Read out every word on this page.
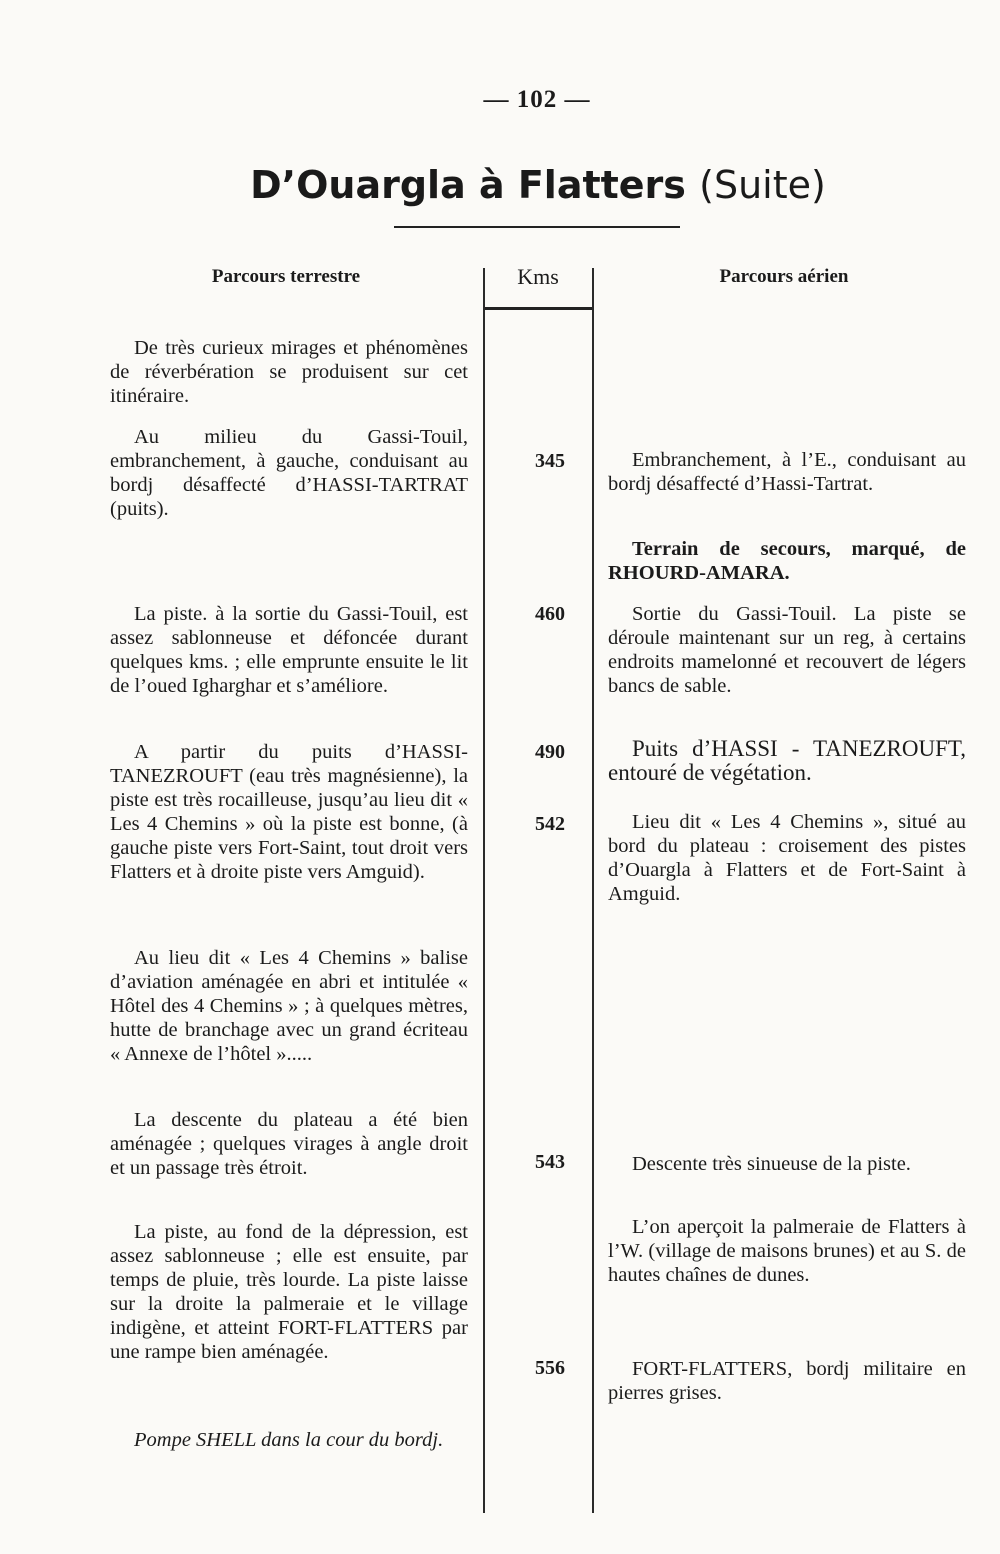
— 102 —
D’Ouargla à Flatters (Suite)
Parcours terrestre	Kms	Parcours aérien

De très curieux mirages et phénomènes de réverbération se produisent sur cet itinéraire.

Au milieu du Gassi-Touil, embranchement, à gauche, conduisant au bordj désaffecté d’HASSI-TARTRAT (puits).

La piste. à la sortie du Gassi-Touil, est assez sablonneuse et défoncée durant quelques kms. ; elle emprunte ensuite le lit de l’oued Igharghar et s’améliore.

A partir du puits d’HASSI-TANEZROUFT (eau très magnésienne), la piste est très rocailleuse, jusqu’au lieu dit « Les 4 Chemins » où la piste est bonne, (à gauche piste vers Fort-Saint, tout droit vers Flatters et à droite piste vers Amguid).

Au lieu dit « Les 4 Chemins » balise d’aviation aménagée en abri et intitulée « Hôtel des 4 Chemins » ; à quelques mètres, hutte de branchage avec un grand écriteau « Annexe de l’hôtel ».....

La descente du plateau a été bien aménagée ; quelques virages à angle droit et un passage très étroit.

La piste, au fond de la dépression, est assez sablonneuse ; elle est ensuite, par temps de pluie, très lourde. La piste laisse sur la droite la palmeraie et le village indigène, et atteint FORT-FLATTERS par une rampe bien aménagée.

Pompe SHELL dans la cour du bordj.

345
460
490
542
543
556

Embranchement, à l’E., conduisant au bordj désaffecté d’Hassi-Tartrat.

Terrain de secours, marqué, de RHOURD-AMARA.

Sortie du Gassi-Touil. La piste se déroule maintenant sur un reg, à certains endroits mamelonné et recouvert de légers bancs de sable.

Puits d’HASSI - TANEZROUFT, entouré de végétation.

Lieu dit « Les 4 Chemins », situé au bord du plateau : croisement des pistes d’Ouargla à Flatters et de Fort-Saint à Amguid.

Descente très sinueuse de la piste.

L’on aperçoit la palmeraie de Flatters à l’W. (village de maisons brunes) et au S. de hautes chaînes de dunes.

FORT-FLATTERS, bordj militaire en pierres grises.
